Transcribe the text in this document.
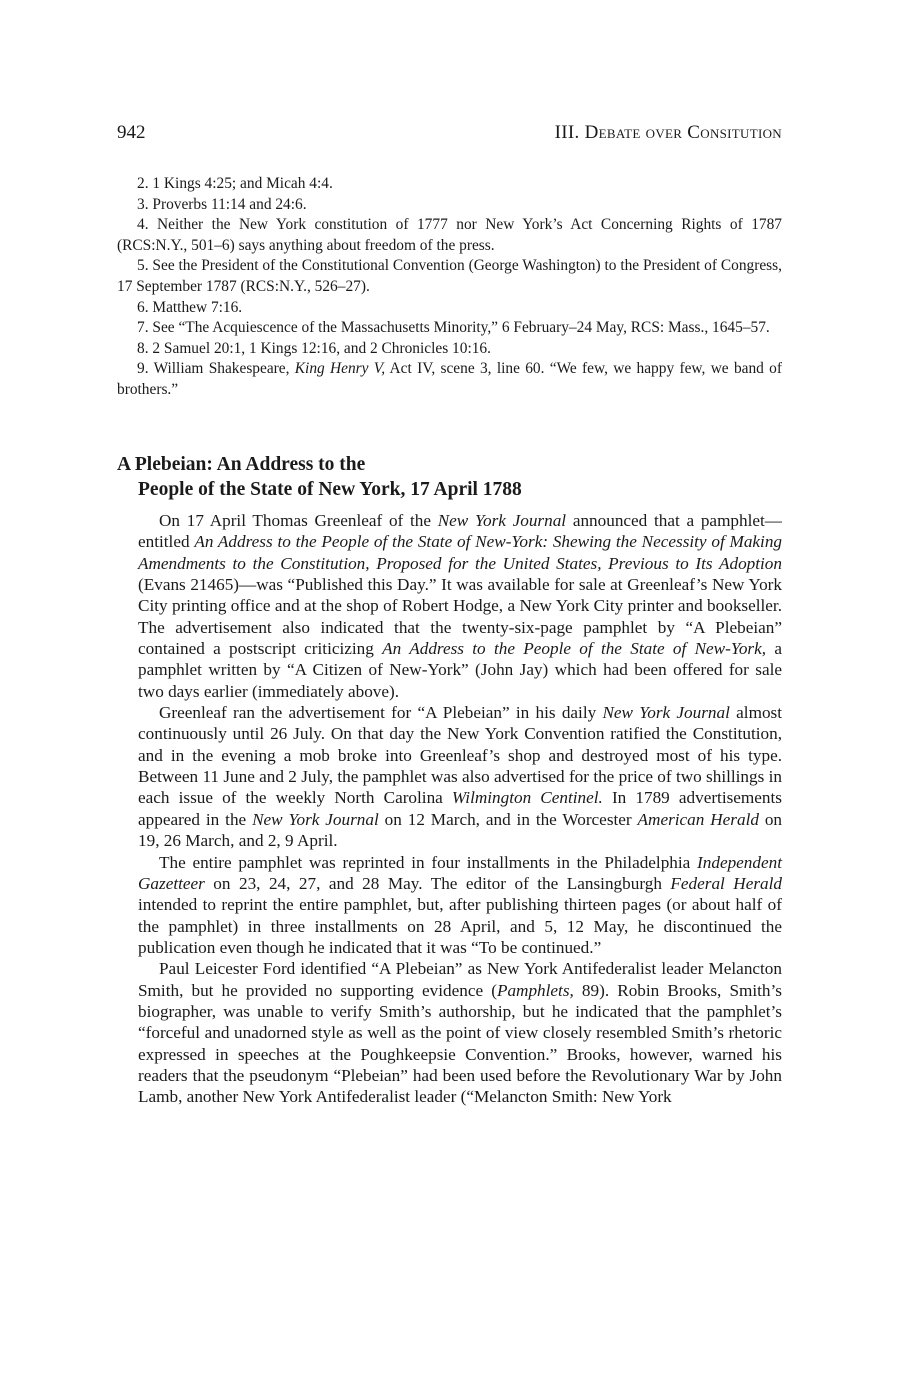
942	III. Debate over Consitution

2. 1 Kings 4:25; and Micah 4:4.

3. Proverbs 11:14 and 24:6.

4. Neither the New York constitution of 1777 nor New York’s Act Concerning Rights of 1787 (RCS:N.Y., 501–6) says anything about freedom of the press.

5. See the President of the Constitutional Convention (George Washington) to the President of Congress, 17 September 1787 (RCS:N.Y., 526–27).

6. Matthew 7:16.

7. See “The Acquiescence of the Massachusetts Minority,” 6 February–24 May, RCS: Mass., 1645–57.

8. 2 Samuel 20:1, 1 Kings 12:16, and 2 Chronicles 10:16.

9. William Shakespeare, King Henry V, Act IV, scene 3, line 60. “We few, we happy few, we band of brothers.”

A Plebeian: An Address to the

People of the State of New York, 17 April 1788

On 17 April Thomas Greenleaf of the New York Journal announced that a pamphlet—entitled An Address to the People of the State of New-York: Shewing the Necessity of Making Amendments to the Constitution, Proposed for the United States, Previous to Its Adoption (Evans 21465)—was “Published this Day.” It was available for sale at Greenleaf’s New York City printing office and at the shop of Robert Hodge, a New York City printer and bookseller. The advertisement also indicated that the twenty-six-page pamphlet by “A Plebeian” contained a postscript criticizing An Address to the People of the State of New-York, a pamphlet written by “A Citizen of New-York” (John Jay) which had been offered for sale two days earlier (immediately above).

Greenleaf ran the advertisement for “A Plebeian” in his daily New York Journal almost continuously until 26 July. On that day the New York Convention ratified the Constitution, and in the evening a mob broke into Greenleaf’s shop and destroyed most of his type. Between 11 June and 2 July, the pamphlet was also advertised for the price of two shillings in each issue of the weekly North Carolina Wilmington Centinel. In 1789 advertisements appeared in the New York Journal on 12 March, and in the Worcester American Herald on 19, 26 March, and 2, 9 April.

The entire pamphlet was reprinted in four installments in the Philadelphia Independent Gazetteer on 23, 24, 27, and 28 May. The editor of the Lansingburgh Federal Herald intended to reprint the entire pamphlet, but, after publishing thirteen pages (or about half of the pamphlet) in three installments on 28 April, and 5, 12 May, he discontinued the publication even though he indicated that it was “To be continued.”

Paul Leicester Ford identified “A Plebeian” as New York Antifederalist leader Melancton Smith, but he provided no supporting evidence (Pamphlets, 89). Robin Brooks, Smith’s biographer, was unable to verify Smith’s authorship, but he indicated that the pamphlet’s “forceful and unadorned style as well as the point of view closely resembled Smith’s rhetoric expressed in speeches at the Poughkeepsie Convention.” Brooks, however, warned his readers that the pseudonym “Plebeian” had been used before the Revolutionary War by John Lamb, another New York Antifederalist leader (“Melancton Smith: New York
